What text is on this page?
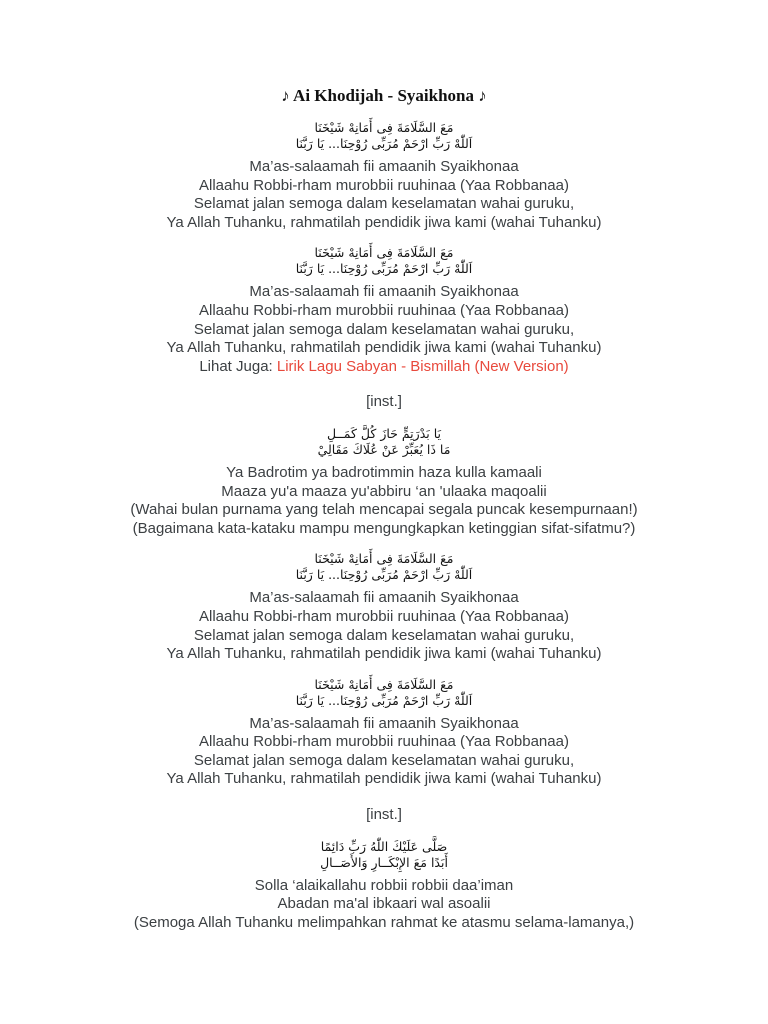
♪ Ai Khodijah - Syaikhona ♪
مَعَ السَّلَامَةَ فِى أَمَانِهْ شَيْخَنَا
اَللّٰهْ رَبِّ ارْحَمْ مُرَبِّى رُوْحِنَا... يَا رَبَّنَا
Ma’as-salaamah fii amaanih Syaikhonaa
Allaahu Robbi-rham murobbii ruuhinaa (Yaa Robbanaa)
Selamat jalan semoga dalam keselamatan wahai guruku,
Ya Allah Tuhanku, rahmatilah pendidik jiwa kami (wahai Tuhanku)
مَعَ السَّلَامَةَ فِى أَمَانِهْ شَيْخَنَا
اَللّٰهْ رَبِّ ارْحَمْ مُرَبِّى رُوْحِنَا... يَا رَبَّنَا
Ma’as-salaamah fii amaanih Syaikhonaa
Allaahu Robbi-rham murobbii ruuhinaa (Yaa Robbanaa)
Selamat jalan semoga dalam keselamatan wahai guruku,
Ya Allah Tuhanku, rahmatilah pendidik jiwa kami (wahai Tuhanku)
Lihat Juga: Lirik Lagu Sabyan - Bismillah (New Version)
[inst.]
يَا بَدْرَتِمٍّ حَازَ كُلَّ كَمَــلِ
مَا ذَا يُعَبِّرْ عَنْ عُلَاكَ مَقَالِيْ
Ya Badrotim ya badrotimmin haza kulla kamaali
Maaza yu'a maaza yu'abbiru ‘an 'ulaaka maqoalii
(Wahai bulan purnama yang telah mencapai segala puncak kesempurnaan!)
(Bagaimana kata-kataku mampu mengungkapkan ketinggian sifat-sifatmu?)
مَعَ السَّلَامَةَ فِى أَمَانِهْ شَيْخَنَا
اَللّٰهْ رَبِّ ارْحَمْ مُرَبِّى رُوْحِنَا... يَا رَبَّنَا
Ma’as-salaamah fii amaanih Syaikhonaa
Allaahu Robbi-rham murobbii ruuhinaa (Yaa Robbanaa)
Selamat jalan semoga dalam keselamatan wahai guruku,
Ya Allah Tuhanku, rahmatilah pendidik jiwa kami (wahai Tuhanku)
مَعَ السَّلَامَةَ فِى أَمَانِهْ شَيْخَنَا
اَللّٰهْ رَبِّ ارْحَمْ مُرَبِّى رُوْحِنَا... يَا رَبَّنَا
Ma’as-salaamah fii amaanih Syaikhonaa
Allaahu Robbi-rham murobbii ruuhinaa (Yaa Robbanaa)
Selamat jalan semoga dalam keselamatan wahai guruku,
Ya Allah Tuhanku, rahmatilah pendidik jiwa kami (wahai Tuhanku)
[inst.]
صَلَّى عَلَيْكَ اللّٰهُ رَبِّ دَائِمًا
أَبَدًا مَعَ الإِبْكَــارِ وَالأَصَــالِ
Solla ‘alaikallahu robbii robbii daa’iman
Abadan ma'al ibkaari wal asoalii
(Semoga Allah Tuhanku melimpahkan rahmat ke atasmu selama-lamanya,)
